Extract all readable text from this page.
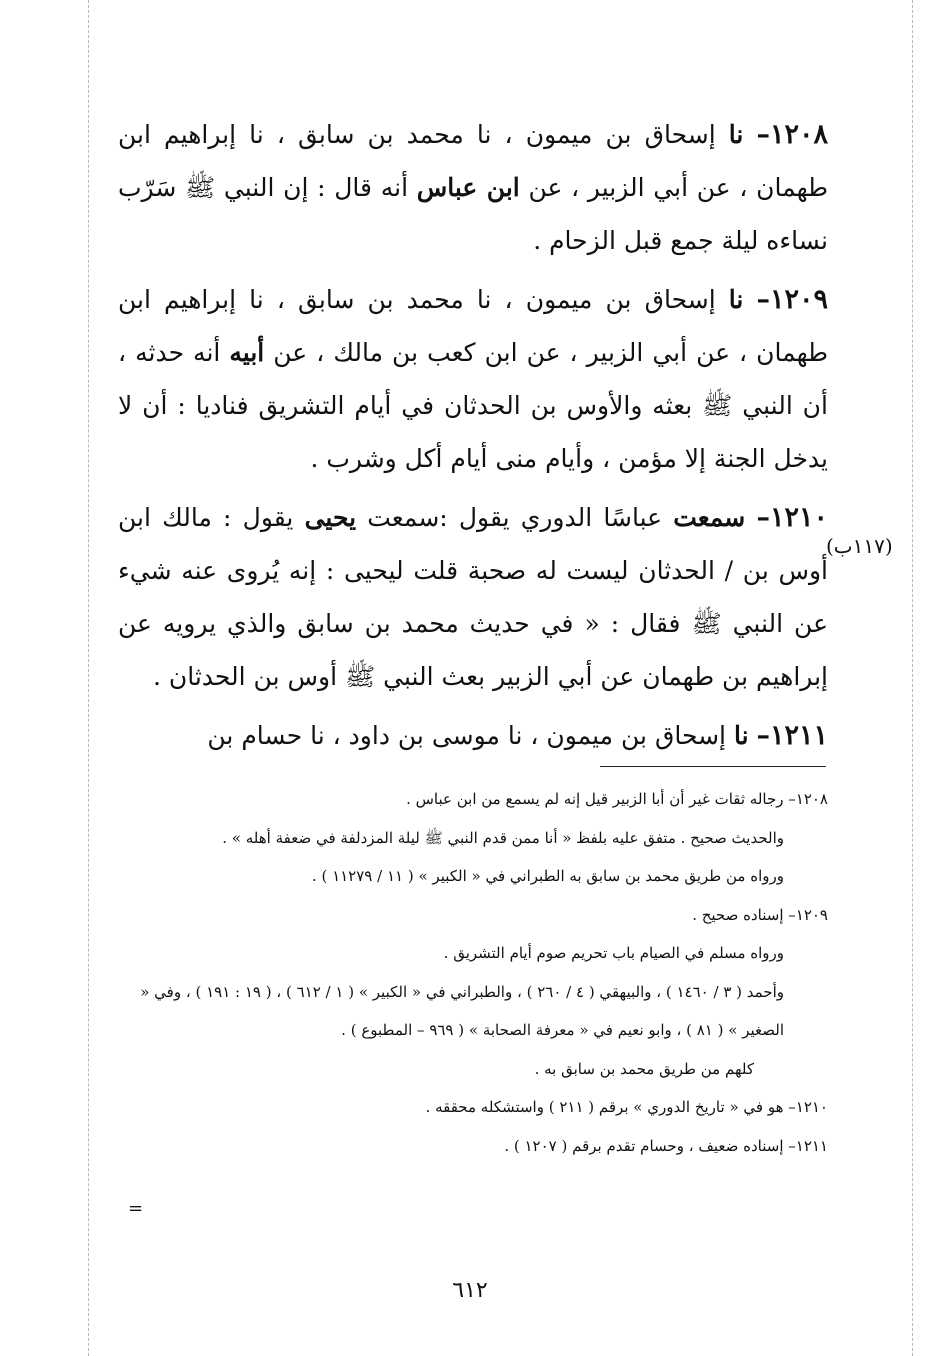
١٢٠٨– نا إسحاق بن ميمون ، نا محمد بن سابق ، نا إبراهيم ابن طهمان ، عن أبي الزبير ، عن ابن عباس أنه قال : إن النبي ﷺ سَرّب نساءه ليلة جمع قبل الزحام .

١٢٠٩– نا إسحاق بن ميمون ، نا محمد بن سابق ، نا إبراهيم ابن طهمان ، عن أبي الزبير ، عن ابن كعب بن مالك ، عن أبيه أنه حدثه ، أن النبي ﷺ بعثه والأوس بن الحدثان في أيام التشريق فناديا : أن لا يدخل الجنة إلا مؤمن ، وأيام منى أيام أكل وشرب .

١٢١٠– سمعت عباسًا الدوري يقول :سمعت يحيى يقول : مالك ابن أوس بن / الحدثان ليست له صحبة قلت ليحيى : إنه يُروى عنه شيء عن النبي ﷺ فقال : « في حديث محمد بن سابق والذي يرويه عن إبراهيم بن طهمان عن أبي الزبير بعث النبي ﷺ أوس بن الحدثان .

١٢١١– نا إسحاق بن ميمون ، نا موسى بن داود ، نا حسام بن

(١١٧ب)

١٢٠٨– رجاله ثقات غير أن أبا الزبير قيل إنه لم يسمع من ابن عباس .

والحديث صحيح . متفق عليه بلفظ « أنا ممن قدم النبي ﷺ ليلة المزدلفة في ضعفة أهله » .

ورواه من طريق محمد بن سابق به الطبراني في « الكبير » ( ١١ / ١١٢٧٩ ) .

١٢٠٩– إسناده صحيح .

ورواه مسلم في الصيام باب تحريم صوم أيام التشريق .

وأحمد ( ٣ / ١٤٦٠ ) ، والبيهقي ( ٤ / ٢٦٠ ) ، والطبراني في « الكبير » ( ١ / ٦١٢ ) ، ( ١٩ : ١٩١ ) ، وفي « الصغير » ( ٨١ ) ، وابو نعيم في « معرفة الصحابة » ( ٩٦٩ – المطبوع ) .

كلهم من طريق محمد بن سابق به .

١٢١٠– هو في « تاريخ الدوري » برقم ( ٢١١ ) واستشكله محققه .

١٢١١– إسناده ضعيف ، وحسام تقدم برقم ( ١٢٠٧ ) .

=
٦١٢
